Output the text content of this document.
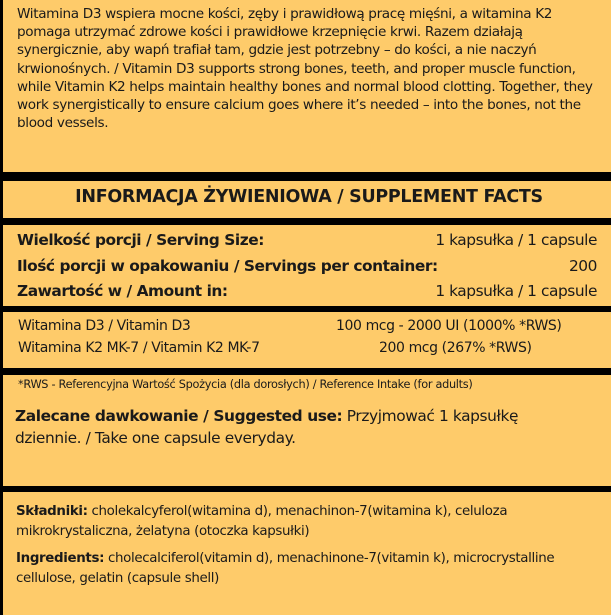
Witamina D3 wspiera mocne kości, zęby i prawidłową pracę mięśni, a witamina K2 pomaga utrzymać zdrowe kości i prawidłowe krzepnięcie krwi. Razem działają synergicznie, aby wapń trafiał tam, gdzie jest potrzebny – do kości, a nie naczyń krwionośnych. / Vitamin D3 supports strong bones, teeth, and proper muscle function, while Vitamin K2 helps maintain healthy bones and normal blood clotting. Together, they work synergistically to ensure calcium goes where it’s needed – into the bones, not the blood vessels.

INFORMACJA ŻYWIENIOWA / SUPPLEMENT FACTS
Wielkość porcji / Serving Size:	1 kapsułka / 1 capsule
Ilość porcji w opakowaniu / Servings per container:	200
Zawartość w / Amount in:	1 kapsułka / 1 capsule
Witamina D3 / Vitamin D3	100 mcg - 2000 UI (1000% *RWS)
Witamina K2 MK-7 / Vitamin K2 MK-7	200 mcg (267% *RWS)
*RWS - Referencyjna Wartość Spożycia (dla dorosłych) / Reference Intake (for adults)

Zalecane dawkowanie / Suggested use: Przyjmować 1 kapsułkę dziennie. / Take one capsule everyday.

Składniki: cholekalcyferol(witamina d), menachinon-7(witamina k), celuloza mikrokrystaliczna, żelatyna (otoczka kapsułki)

Ingredients: cholecalciferol(vitamin d), menachinone-7(vitamin k), microcrystalline cellulose, gelatin (capsule shell)
